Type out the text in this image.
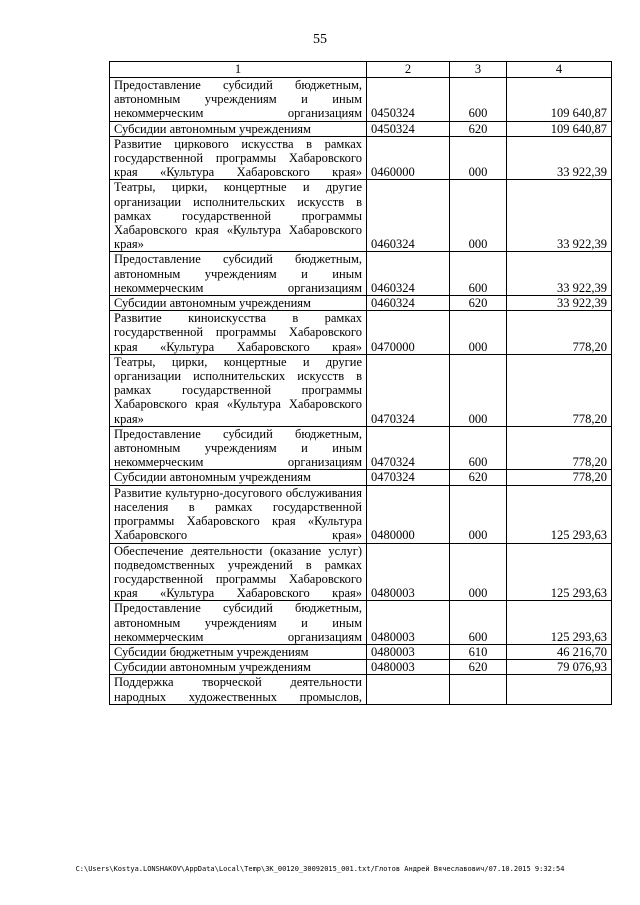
55
1	2	3	4
Предоставление субсидий бюджетным, автономным учреждениям и иным некоммерческим организациям	0450324	600	109 640,87
Субсидии автономным учреждениям	0450324	620	109 640,87
Развитие циркового искусства в рамках государственной программы Хабаровского края «Культура Хабаровского края»	0460000	000	33 922,39
Театры, цирки, концертные и другие организации исполнительских искусств в рамках государственной программы Хабаровского края «Культура Хабаровского края»	0460324	000	33 922,39
Предоставление субсидий бюджетным, автономным учреждениям и иным некоммерческим организациям	0460324	600	33 922,39
Субсидии автономным учреждениям	0460324	620	33 922,39
Развитие киноискусства в рамках государственной программы Хабаровского края «Культура Хабаровского края»	0470000	000	778,20
Театры, цирки, концертные и другие организации исполнительских искусств в рамках государственной программы Хабаровского края «Культура Хабаровского края»	0470324	000	778,20
Предоставление субсидий бюджетным, автономным учреждениям и иным некоммерческим организациям	0470324	600	778,20
Субсидии автономным учреждениям	0470324	620	778,20
Развитие культурно-досугового обслуживания населения в рамках государственной программы Хабаровского края «Культура Хабаровского края»	0480000	000	125 293,63
Обеспечение деятельности (оказание услуг) подведомственных учреждений в рамках государственной программы Хабаровского края «Культура Хабаровского края»	0480003	000	125 293,63
Предоставление субсидий бюджетным, автономным учреждениям и иным некоммерческим организациям	0480003	600	125 293,63
Субсидии бюджетным учреждениям	0480003	610	46 216,70
Субсидии автономным учреждениям	0480003	620	79 076,93
Поддержка творческой деятельности народных художественных промыслов,			
C:\Users\Kostya.LONSHAKOV\AppData\Local\Temp\3K_00120_30092015_001.txt/Глотов Андрей Вячеславович/07.10.2015 9:32:54
